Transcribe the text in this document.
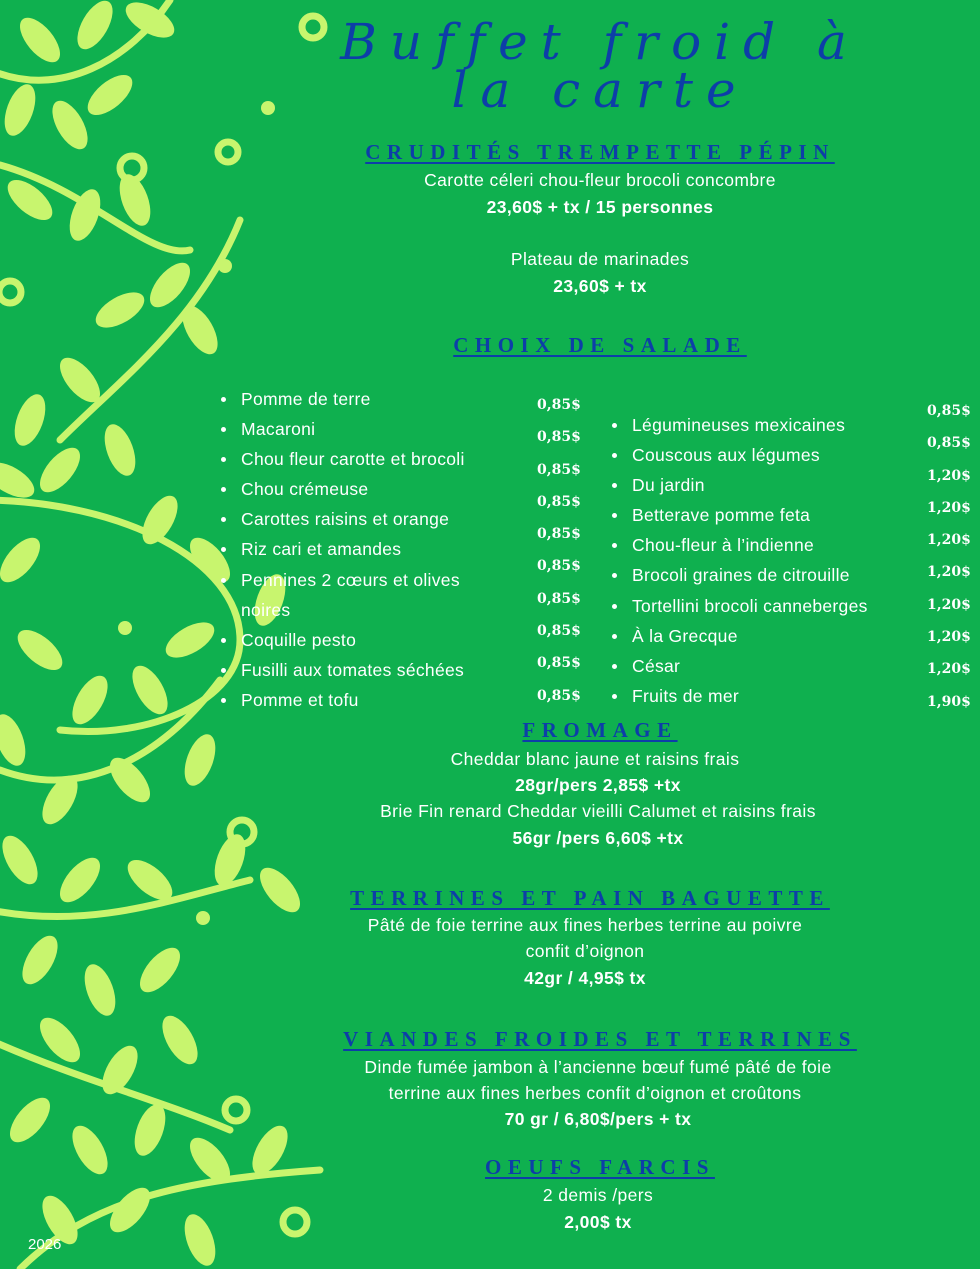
Buffet froid à la carte
CRUDITÉS TREMPETTE PÉPIN
Carotte céleri chou-fleur brocoli concombre
23,60$ + tx / 15 personnes
Plateau de marinades
23,60$ + tx
CHOIX DE SALADE
Pomme de terre
Macaroni
Chou fleur carotte et brocoli
Chou crémeuse
Carottes raisins et orange
Riz cari et amandes
Pennines 2 cœurs et olives noires
Coquille pesto
Fusilli aux tomates séchées
Pomme et tofu
0,85$
0,85$
0,85$
0,85$
0,85$
0,85$
0,85$
0,85$
0,85$
0,85$
Légumineuses mexicaines
Couscous aux légumes
Du jardin
Betterave pomme feta
Chou-fleur à l’indienne
Brocoli graines de citrouille
Tortellini brocoli canneberges
À la Grecque
César
Fruits de mer
0,85$
0,85$
1,20$
1,20$
1,20$
1,20$
1,20$
1,20$
1,20$
1,90$
FROMAGE
Cheddar blanc jaune et raisins frais
28gr/pers 2,85$ +tx
Brie Fin renard Cheddar vieilli Calumet et raisins frais
56gr /pers 6,60$ +tx
TERRINES ET PAIN BAGUETTE
Pâté de foie terrine aux fines herbes terrine au poivre
confit d’oignon
42gr / 4,95$ tx
VIANDES FROIDES ET TERRINES
Dinde fumée jambon à l’ancienne bœuf fumé pâté de foie
terrine aux fines herbes confit d’oignon et croûtons
70 gr / 6,80$/pers + tx
OEUFS FARCIS
2 demis /pers
2,00$ tx
2026
